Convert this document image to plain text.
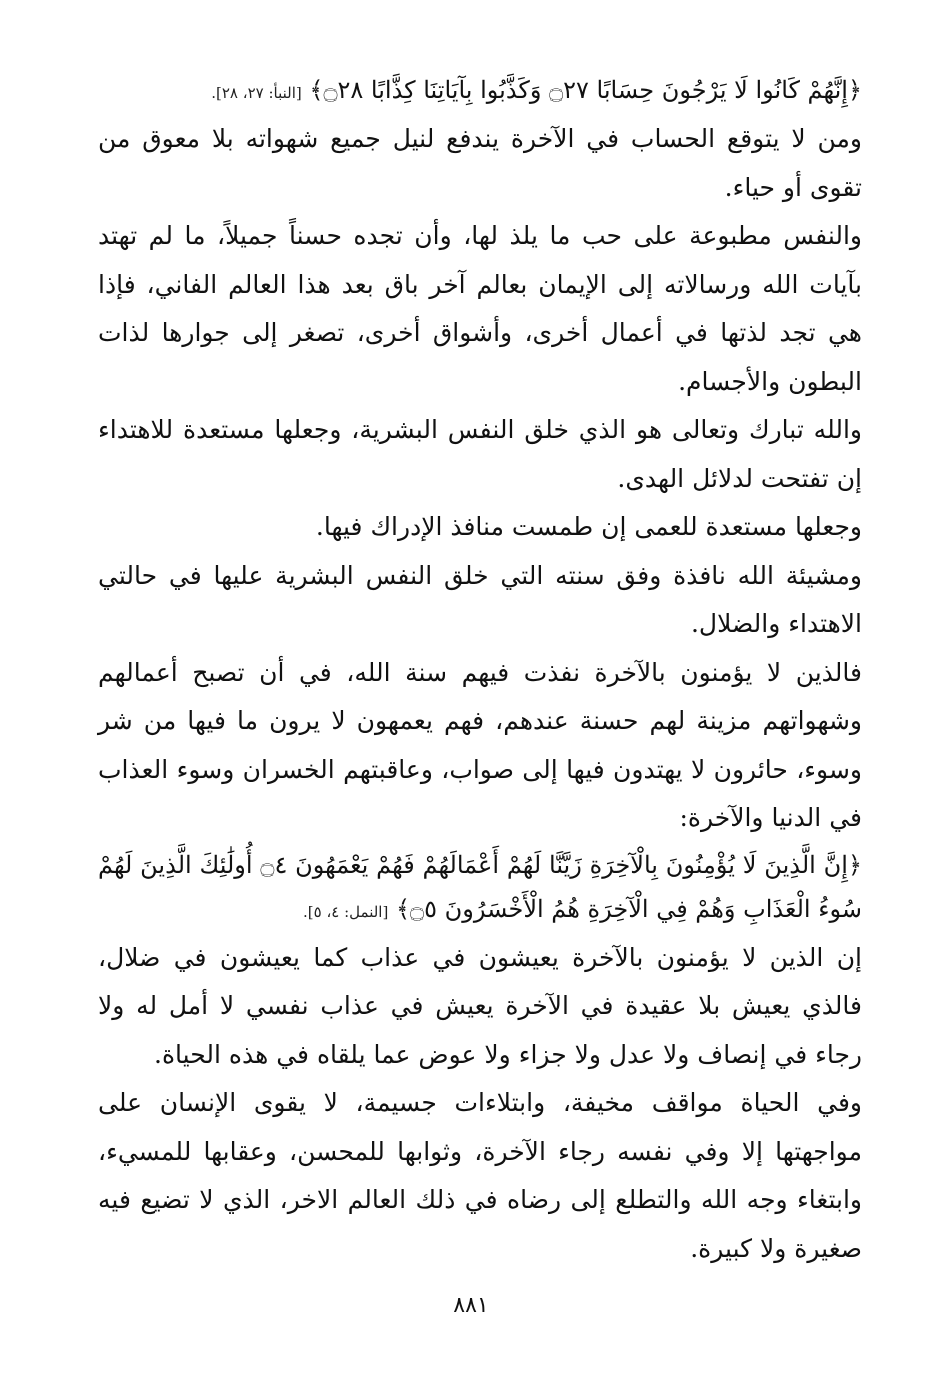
﴿إِنَّهُمْ كَانُوا لَا يَرْجُونَ حِسَابًا ۝٢٧ وَكَذَّبُوا بِآيَاتِنَا كِذَّابًا ۝٢٨﴾ [النبأ: ٢٧، ٢٨].

ومن لا يتوقع الحساب في الآخرة يندفع لنيل جميع شهواته بلا معوق من تقوى أو حياء.

والنفس مطبوعة على حب ما يلذ لها، وأن تجده حسناً جميلاً، ما لم تهتد بآيات الله ورسالاته إلى الإيمان بعالم آخر باق بعد هذا العالم الفاني، فإذا هي تجد لذتها في أعمال أخرى، وأشواق أخرى، تصغر إلى جوارها لذات البطون والأجسام.

والله تبارك وتعالى هو الذي خلق النفس البشرية، وجعلها مستعدة للاهتداء إن تفتحت لدلائل الهدى.

وجعلها مستعدة للعمى إن طمست منافذ الإدراك فيها.

ومشيئة الله نافذة وفق سنته التي خلق النفس البشرية عليها في حالتي الاهتداء والضلال.

فالذين لا يؤمنون بالآخرة نفذت فيهم سنة الله، في أن تصبح أعمالهم وشهواتهم مزينة لهم حسنة عندهم، فهم يعمهون لا يرون ما فيها من شر وسوء، حائرون لا يهتدون فيها إلى صواب، وعاقبتهم الخسران وسوء العذاب في الدنيا والآخرة:

﴿إِنَّ الَّذِينَ لَا يُؤْمِنُونَ بِالْآخِرَةِ زَيَّنَّا لَهُمْ أَعْمَالَهُمْ فَهُمْ يَعْمَهُونَ ۝٤ أُولَٰئِكَ الَّذِينَ لَهُمْ سُوءُ الْعَذَابِ وَهُمْ فِي الْآخِرَةِ هُمُ الْأَخْسَرُونَ ۝٥﴾ [النمل: ٤، ٥].

إن الذين لا يؤمنون بالآخرة يعيشون في عذاب كما يعيشون في ضلال، فالذي يعيش بلا عقيدة في الآخرة يعيش في عذاب نفسي لا أمل له ولا رجاء في إنصاف ولا عدل ولا جزاء ولا عوض عما يلقاه في هذه الحياة.

وفي الحياة مواقف مخيفة، وابتلاءات جسيمة، لا يقوى الإنسان على مواجهتها إلا وفي نفسه رجاء الآخرة، وثوابها للمحسن، وعقابها للمسيء، وابتغاء وجه الله والتطلع إلى رضاه في ذلك العالم الاخر، الذي لا تضيع فيه صغيرة ولا كبيرة.

٨٨١
